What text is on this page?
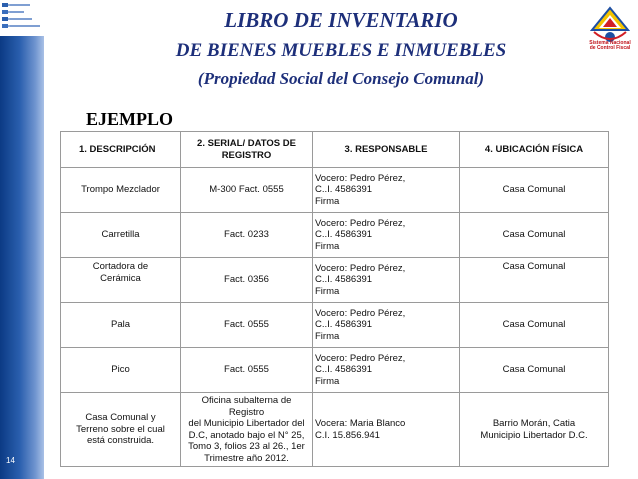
14
Sistema Nacional
de Control Fiscal
LIBRO DE INVENTARIO
DE BIENES MUEBLES E INMUEBLES
(Propiedad Social del Consejo Comunal)
EJEMPLO
1. DESCRIPCIÓN	2. SERIAL/ DATOS DE REGISTRO	3. RESPONSABLE	4. UBICACIÓN FÍSICA
Trompo Mezclador	M-300 Fact. 0555	Vocero: Pedro Pérez,
C..I. 4586391
Firma	Casa Comunal
Carretilla	Fact. 0233	Vocero: Pedro Pérez,
C..I. 4586391
Firma	Casa Comunal
Cortadora de
Cerámica	Fact. 0356	Vocero: Pedro Pérez,
C..I. 4586391
Firma	Casa Comunal
Pala	Fact. 0555	Vocero: Pedro Pérez,
C..I. 4586391
Firma	Casa Comunal
Pico	Fact. 0555	Vocero: Pedro Pérez,
C..I. 4586391
Firma	Casa Comunal
Casa Comunal y
Terreno sobre el cual
está construida.	Oficina subalterna de Registro
del Municipio Libertador del
D.C, anotado bajo el N° 25,
Tomo 3, folios 23 al 26., 1er
Trimestre año 2012.	Vocera: Maria Blanco
C.I. 15.856.941	Barrio Morán, Catia
Municipio Libertador D.C.
